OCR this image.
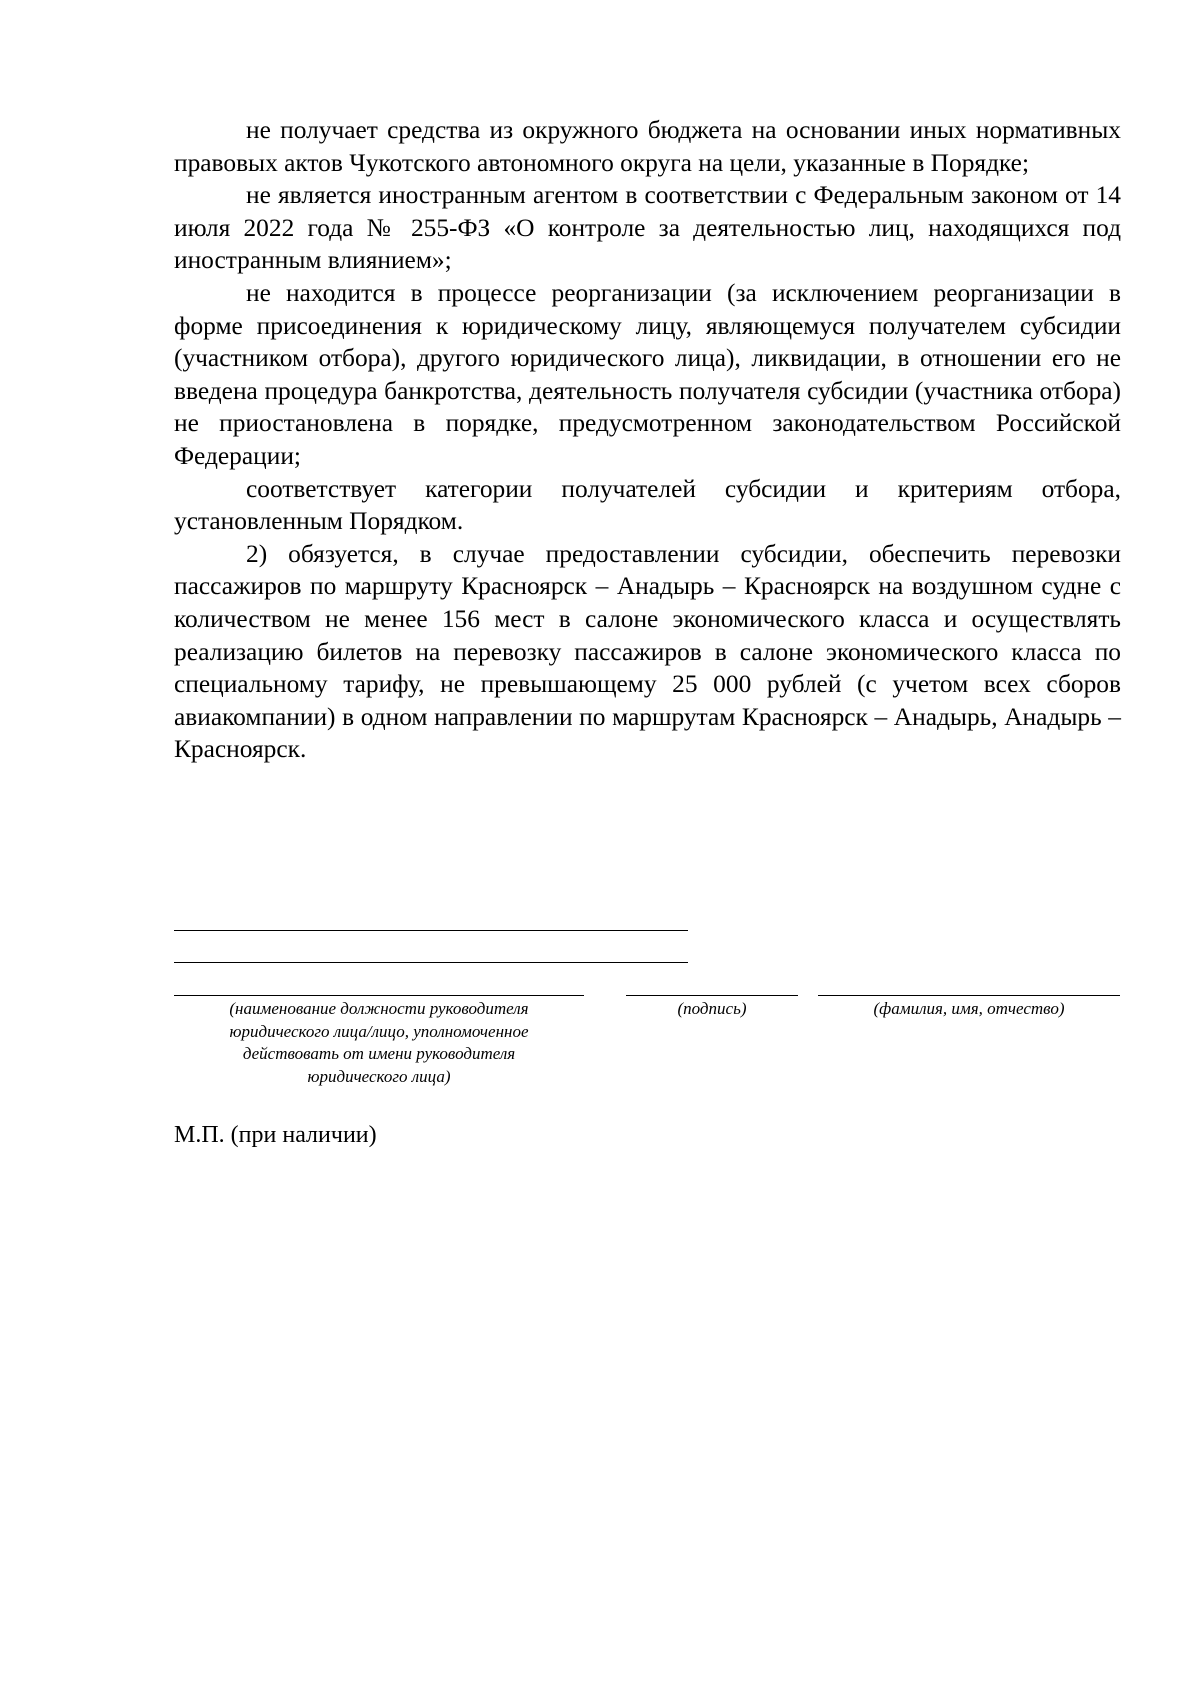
не получает средства из окружного бюджета на основании иных нормативных правовых актов Чукотского автономного округа на цели, указанные в Порядке;

не является иностранным агентом в соответствии с Федеральным законом от 14 июля 2022 года № 255-ФЗ «О контроле за деятельностью лиц, находящихся под иностранным влиянием»;

не находится в процессе реорганизации (за исключением реорганизации в форме присоединения к юридическому лицу, являющемуся получателем субсидии (участником отбора), другого юридического лица), ликвидации, в отношении его не введена процедура банкротства, деятельность получателя субсидии (участника отбора) не приостановлена в порядке, предусмотренном законодательством Российской Федерации;

соответствует категории получателей субсидии и критериям отбора, установленным Порядком.

2) обязуется, в случае предоставлении субсидии, обеспечить перевозки пассажиров по маршруту Красноярск – Анадырь – Красноярск на воздушном судне с количеством не менее 156 мест в салоне экономического класса и осуществлять реализацию билетов на перевозку пассажиров в салоне экономического класса по специальному тарифу, не превышающему 25 000 рублей (с учетом всех сборов авиакомпании) в одном направлении по маршрутам Красноярск – Анадырь, Анадырь – Красноярск.

(наименование должности руководителя
юридического лица/лицо, уполномоченное
действовать от имени руководителя
юридического лица)
(подпись)	(фамилия, имя, отчество)
М.П. (при наличии)
